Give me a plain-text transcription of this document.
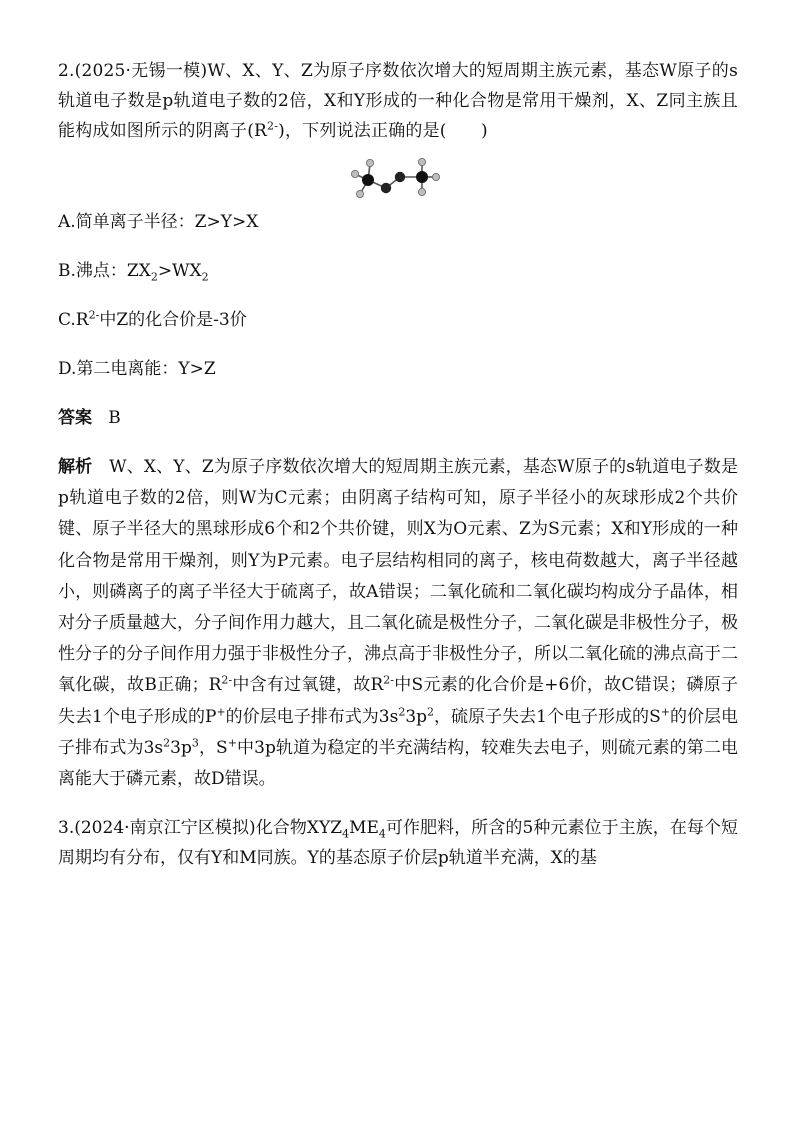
2.(2025·无锡一模)W、X、Y、Z为原子序数依次增大的短周期主族元素，基态W原子的s轨道电子数是p轨道电子数的2倍，X和Y形成的一种化合物是常用干燥剂，X、Z同主族且能构成如图所示的阴离子$(R^{2-})$，下列说法正确的是(　　)

A.简单离子半径：Z>Y>X

B.沸点：$ZX_2>WX_2$

$C.R^{2-}$中Z的化合价是-3价

D.第二电离能：Y>Z

答案 B

解析 W、X、Y、Z为原子序数依次增大的短周期主族元素，基态W原子的s轨道电子数是p轨道电子数的2倍，则W为C元素；由阴离子结构可知，原子半径小的灰球形成2个共价键、原子半径大的黑球形成6个和2个共价键，则X为O元素、Z为S元素；X和Y形成的一种化合物是常用干燥剂，则Y为P元素。电子层结构相同的离子，核电荷数越大，离子半径越小，则磷离子的离子半径大于硫离子，故A错误；二氧化硫和二氧化碳均构成分子晶体，相对分子质量越大，分子间作用力越大，且二氧化硫是极性分子，二氧化碳是非极性分子，极性分子的分子间作用力强于非极性分子，沸点高于非极性分子，所以二氧化硫的沸点高于二氧化碳，故B正确；$R^{2-}$中含有过氧键，故$R^{2-}$中S元素的化合价是+6价，故C错误；磷原子失去1个电子形成的P+的价层电子排布式为$3s^23p^2$，硫原子失去1个电子形成的S+的价层电子排布式为$3s^23p^3$，S+中3p轨道为稳定的半充满结构，较难失去电子，则硫元素的第二电离能大于磷元素，故D错误。

3.(2024·南京江宁区模拟)化合物$XYZ_4ME_4$可作肥料，所含的5种元素位于主族，在每个短周期均有分布，仅有Y和M同族。Y的基态原子价层p轨道半充满，X的基
